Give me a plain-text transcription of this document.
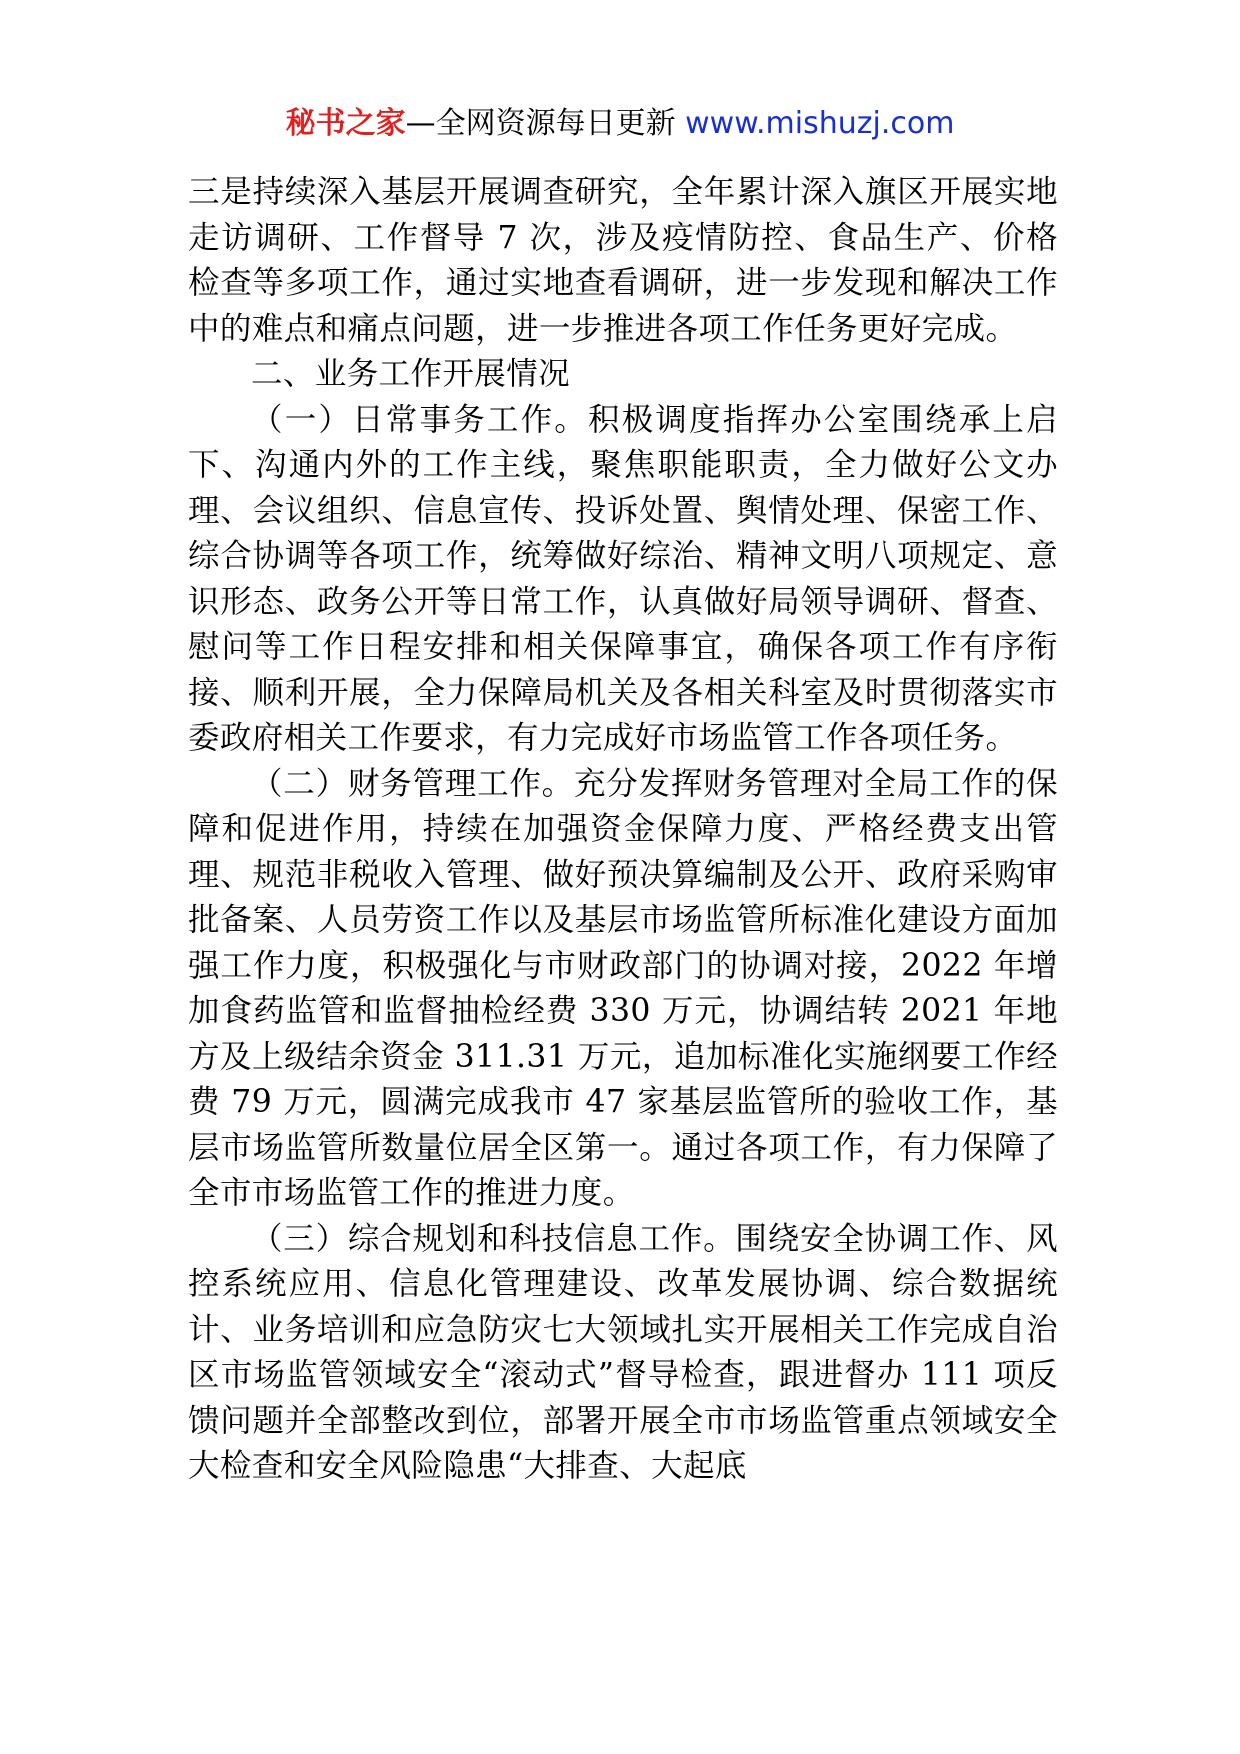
秘书之家—全网资源每日更新 www.mishuzj.com

三是持续深入基层开展调查研究，全年累计深入旗区开展实地走访调研、工作督导 7 次，涉及疫情防控、食品生产、价格检查等多项工作，通过实地查看调研，进一步发现和解决工作中的难点和痛点问题，进一步推进各项工作任务更好完成。

二、业务工作开展情况

（一）日常事务工作。积极调度指挥办公室围绕承上启下、沟通内外的工作主线，聚焦职能职责，全力做好公文办理、会议组织、信息宣传、投诉处置、舆情处理、保密工作、综合协调等各项工作，统筹做好综治、精神文明八项规定、意识形态、政务公开等日常工作，认真做好局领导调研、督查、慰问等工作日程安排和相关保障事宜，确保各项工作有序衔接、顺利开展，全力保障局机关及各相关科室及时贯彻落实市委政府相关工作要求，有力完成好市场监管工作各项任务。

（二）财务管理工作。充分发挥财务管理对全局工作的保障和促进作用，持续在加强资金保障力度、严格经费支出管理、规范非税收入管理、做好预决算编制及公开、政府采购审批备案、人员劳资工作以及基层市场监管所标准化建设方面加强工作力度，积极强化与市财政部门的协调对接，2022 年增加食药监管和监督抽检经费 330 万元，协调结转 2021 年地方及上级结余资金 311.31 万元，追加标准化实施纲要工作经费 79 万元，圆满完成我市 47 家基层监管所的验收工作，基层市场监管所数量位居全区第一。通过各项工作，有力保障了全市市场监管工作的推进力度。

（三）综合规划和科技信息工作。围绕安全协调工作、风控系统应用、信息化管理建设、改革发展协调、综合数据统计、业务培训和应急防灾七大领域扎实开展相关工作完成自治区市场监管领域安全“滚动式”督导检查，跟进督办 111 项反馈问题并全部整改到位，部署开展全市市场监管重点领域安全大检查和安全风险隐患“大排查、大起底
